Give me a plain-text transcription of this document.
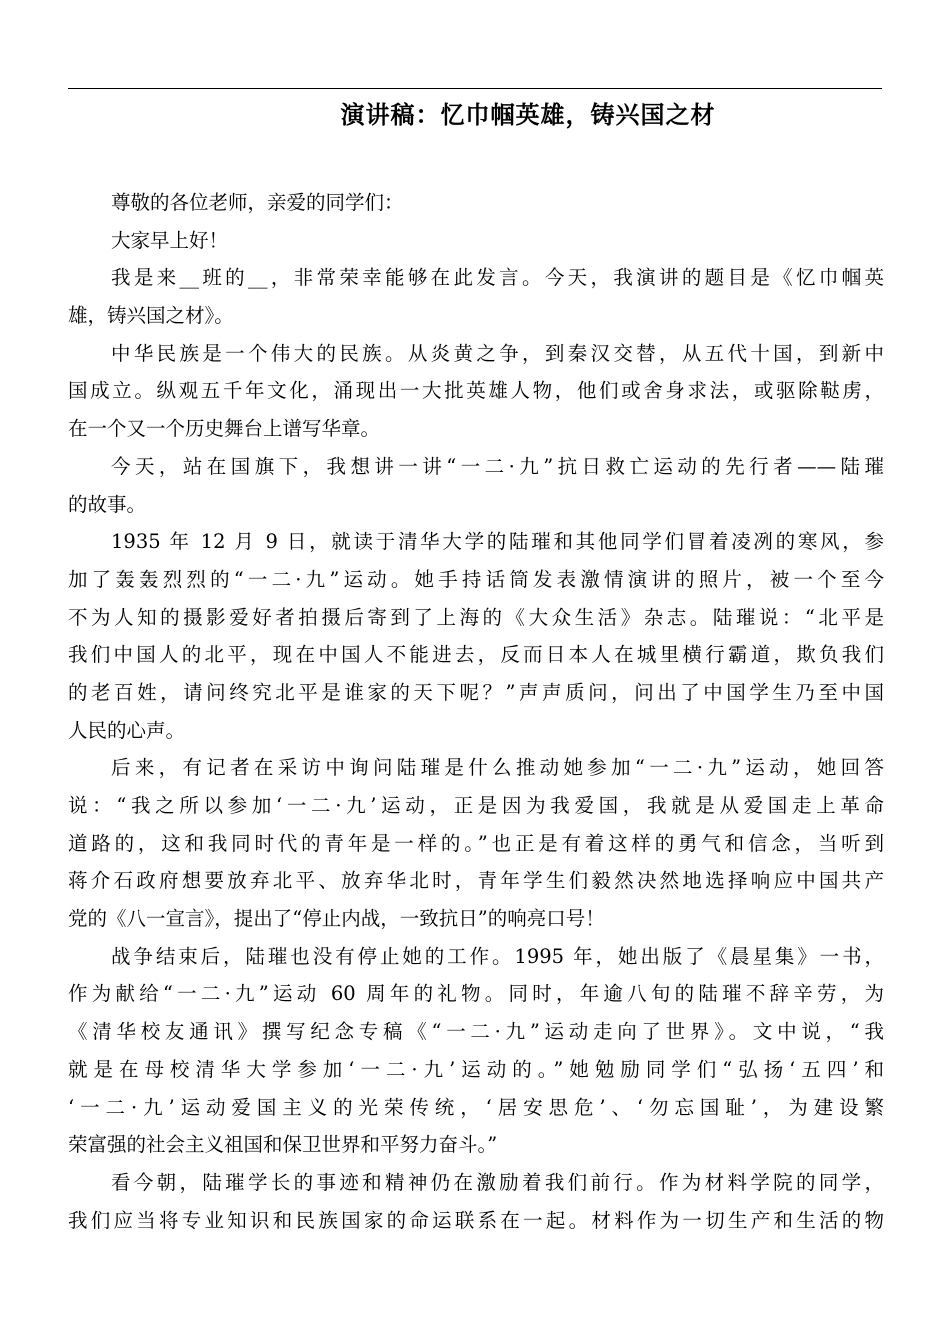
演讲稿：忆巾帼英雄，铸兴国之材
尊敬的各位老师，亲爱的同学们：
大家早上好！
我是来__班的__，非常荣幸能够在此发言。今天，我演讲的题目是《忆巾帼英
雄，铸兴国之材》。
中华民族是一个伟大的民族。从炎黄之争，到秦汉交替，从五代十国，到新中
国成立。纵观五千年文化，涌现出一大批英雄人物，他们或舍身求法，或驱除鞑虏，
在一个又一个历史舞台上谱写华章。
今天，站在国旗下，我想讲一讲“一二·九”抗日救亡运动的先行者——陆璀
的故事。
1935 年 12 月 9 日，就读于清华大学的陆璀和其他同学们冒着凌冽的寒风，参
加了轰轰烈烈的“一二·九”运动。她手持话筒发表激情演讲的照片，被一个至今
不为人知的摄影爱好者拍摄后寄到了上海的《大众生活》杂志。陆璀说：“北平是
我们中国人的北平，现在中国人不能进去，反而日本人在城里横行霸道，欺负我们
的老百姓，请问终究北平是谁家的天下呢？”声声质问，问出了中国学生乃至中国
人民的心声。
后来，有记者在采访中询问陆璀是什么推动她参加“一二·九”运动，她回答
说：“我之所以参加‘一二·九’运动，正是因为我爱国，我就是从爱国走上革命
道路的，这和我同时代的青年是一样的。”也正是有着这样的勇气和信念，当听到
蒋介石政府想要放弃北平、放弃华北时，青年学生们毅然决然地选择响应中国共产
党的《八一宣言》，提出了“停止内战，一致抗日”的响亮口号！
战争结束后，陆璀也没有停止她的工作。1995 年，她出版了《晨星集》一书，
作为献给“一二·九”运动 60 周年的礼物。同时，年逾八旬的陆璀不辞辛劳，为
《清华校友通讯》撰写纪念专稿《“一二·九”运动走向了世界》。文中说，“我
就是在母校清华大学参加‘一二·九’运动的。”她勉励同学们“弘扬‘五四’和
‘一二·九’运动爱国主义的光荣传统，‘居安思危’、‘勿忘国耻’，为建设繁
荣富强的社会主义祖国和保卫世界和平努力奋斗。”
看今朝，陆璀学长的事迹和精神仍在激励着我们前行。作为材料学院的同学，
我们应当将专业知识和民族国家的命运联系在一起。材料作为一切生产和生活的物
